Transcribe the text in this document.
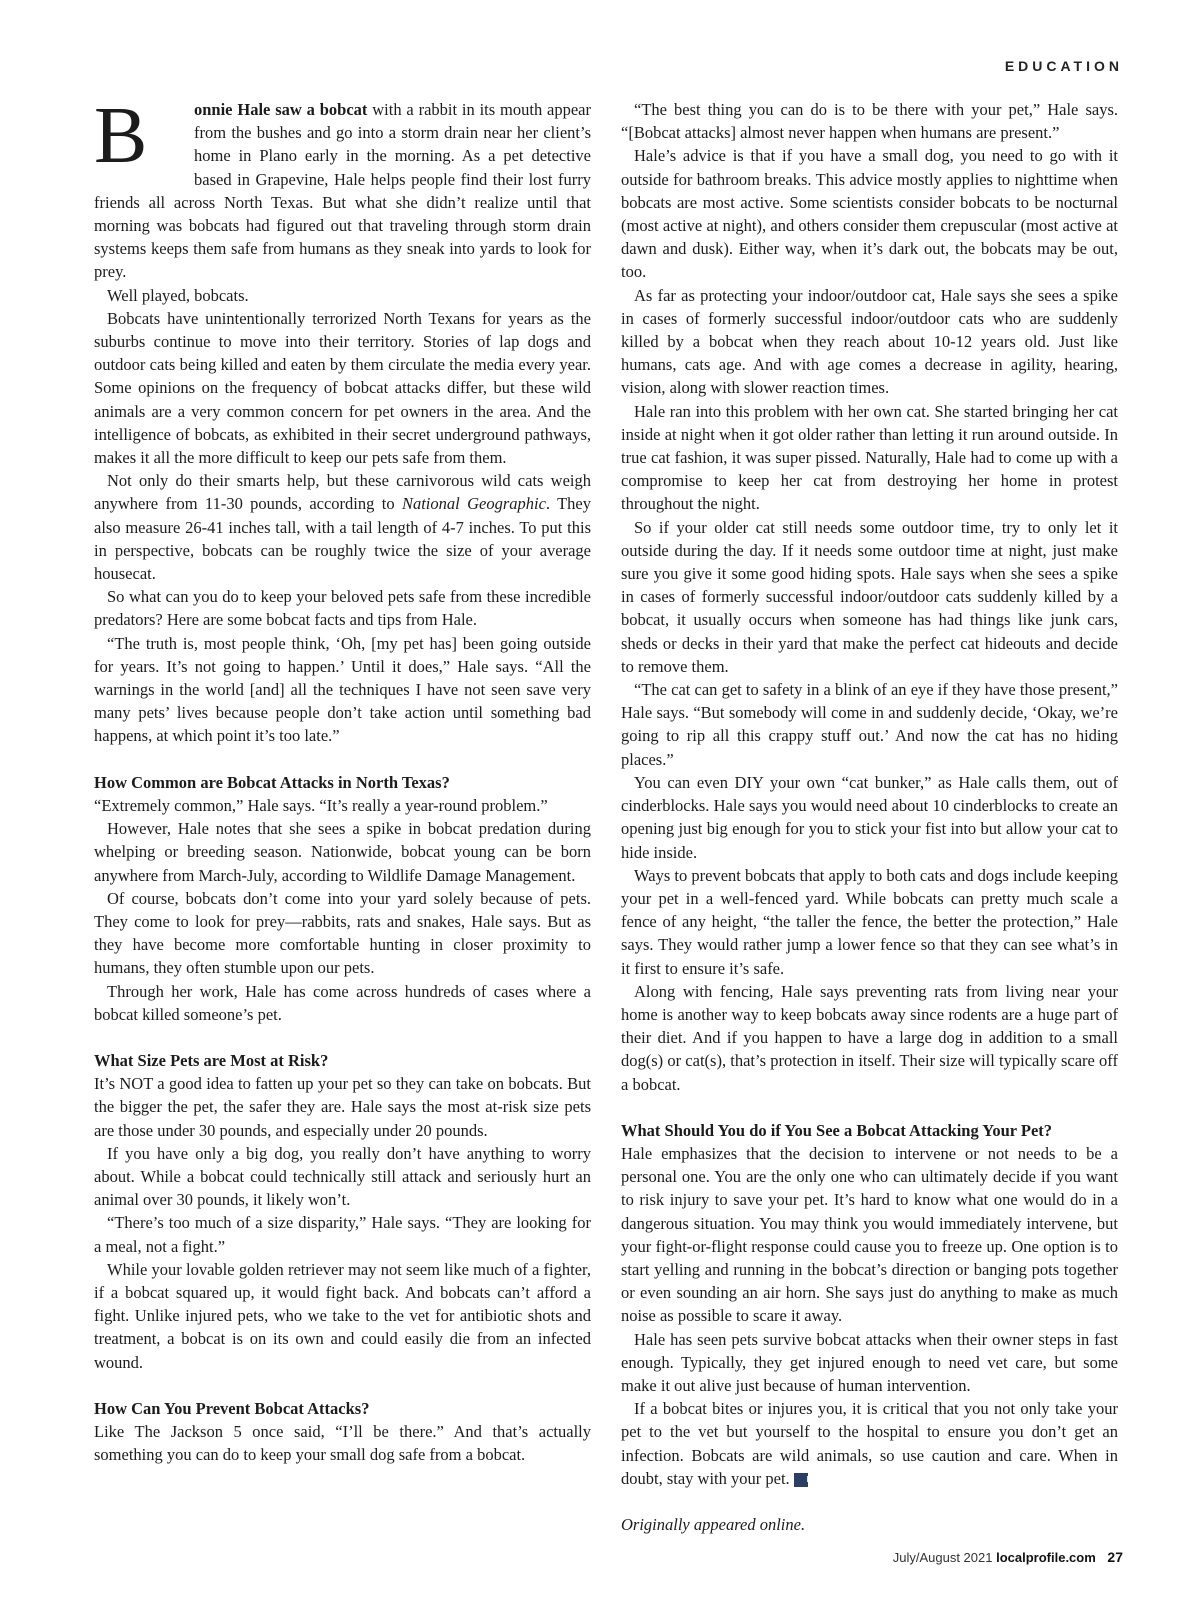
EDUCATION

B	onnie Hale saw a bobcat with a rabbit in its mouth appear from the bushes and go into a storm drain near her client’s home in Plano early in the morning. As a pet detective based in Grapevine, Hale helps people find their lost furry friends all across North Texas. But what she didn’t realize until that morning was bobcats had figured out that traveling through storm drain systems keeps them safe from humans as they sneak into yards to look for prey.

Well played, bobcats.

Bobcats have unintentionally terrorized North Texans for years as the suburbs continue to move into their territory. Stories of lap dogs and outdoor cats being killed and eaten by them circulate the media every year. Some opinions on the frequency of bobcat attacks differ, but these wild animals are a very common concern for pet owners in the area. And the intelligence of bobcats, as exhibited in their secret underground pathways, makes it all the more difficult to keep our pets safe from them.

Not only do their smarts help, but these carnivorous wild cats weigh anywhere from 11-30 pounds, according to National Geographic. They also measure 26-41 inches tall, with a tail length of 4-7 inches. To put this in perspective, bobcats can be roughly twice the size of your average housecat.

So what can you do to keep your beloved pets safe from these incredible predators? Here are some bobcat facts and tips from Hale.

“The truth is, most people think, ‘Oh, [my pet has] been going outside for years. It’s not going to happen.’ Until it does,” Hale says. “All the warnings in the world [and] all the techniques I have not seen save very many pets’ lives because people don’t take action until something bad happens, at which point it’s too late.”

How Common are Bobcat Attacks in North Texas?

“Extremely common,” Hale says. “It’s really a year-round problem.”

However, Hale notes that she sees a spike in bobcat predation during whelping or breeding season. Nationwide, bobcat young can be born anywhere from March-July, according to Wildlife Damage Management.

Of course, bobcats don’t come into your yard solely because of pets. They come to look for prey—rabbits, rats and snakes, Hale says. But as they have become more comfortable hunting in closer proximity to humans, they often stumble upon our pets.

Through her work, Hale has come across hundreds of cases where a bobcat killed someone’s pet.

What Size Pets are Most at Risk?

It’s NOT a good idea to fatten up your pet so they can take on bobcats. But the bigger the pet, the safer they are. Hale says the most at-risk size pets are those under 30 pounds, and especially under 20 pounds.

If you have only a big dog, you really don’t have anything to worry about. While a bobcat could technically still attack and seriously hurt an animal over 30 pounds, it likely won’t.

“There’s too much of a size disparity,” Hale says. “They are looking for a meal, not a fight.”

While your lovable golden retriever may not seem like much of a fighter, if a bobcat squared up, it would fight back. And bobcats can’t afford a fight. Unlike injured pets, who we take to the vet for antibiotic shots and treatment, a bobcat is on its own and could easily die from an infected wound.

How Can You Prevent Bobcat Attacks?

Like The Jackson 5 once said, “I’ll be there.” And that’s actually something you can do to keep your small dog safe from a bobcat.

“The best thing you can do is to be there with your pet,” Hale says. “[Bobcat attacks] almost never happen when humans are present.”

Hale’s advice is that if you have a small dog, you need to go with it outside for bathroom breaks. This advice mostly applies to nighttime when bobcats are most active. Some scientists consider bobcats to be nocturnal (most active at night), and others consider them crepuscular (most active at dawn and dusk). Either way, when it’s dark out, the bobcats may be out, too.

As far as protecting your indoor/outdoor cat, Hale says she sees a spike in cases of formerly successful indoor/outdoor cats who are suddenly killed by a bobcat when they reach about 10-12 years old. Just like humans, cats age. And with age comes a decrease in agility, hearing, vision, along with slower reaction times.

Hale ran into this problem with her own cat. She started bringing her cat inside at night when it got older rather than letting it run around outside. In true cat fashion, it was super pissed. Naturally, Hale had to come up with a compromise to keep her cat from destroying her home in protest throughout the night.

So if your older cat still needs some outdoor time, try to only let it outside during the day. If it needs some outdoor time at night, just make sure you give it some good hiding spots. Hale says when she sees a spike in cases of formerly successful indoor/outdoor cats suddenly killed by a bobcat, it usually occurs when someone has had things like junk cars, sheds or decks in their yard that make the perfect cat hideouts and decide to remove them.

“The cat can get to safety in a blink of an eye if they have those present,” Hale says. “But somebody will come in and suddenly decide, ‘Okay, we’re going to rip all this crappy stuff out.’ And now the cat has no hiding places.”

You can even DIY your own “cat bunker,” as Hale calls them, out of cinderblocks. Hale says you would need about 10 cinderblocks to create an opening just big enough for you to stick your fist into but allow your cat to hide inside.

Ways to prevent bobcats that apply to both cats and dogs include keeping your pet in a well-fenced yard. While bobcats can pretty much scale a fence of any height, “the taller the fence, the better the protection,” Hale says. They would rather jump a lower fence so that they can see what’s in it first to ensure it’s safe.

Along with fencing, Hale says preventing rats from living near your home is another way to keep bobcats away since rodents are a huge part of their diet. And if you happen to have a large dog in addition to a small dog(s) or cat(s), that’s protection in itself. Their size will typically scare off a bobcat.

What Should You do if You See a Bobcat Attacking Your Pet?

Hale emphasizes that the decision to intervene or not needs to be a personal one. You are the only one who can ultimately decide if you want to risk injury to save your pet. It’s hard to know what one would do in a dangerous situation. You may think you would immediately intervene, but your fight-or-flight response could cause you to freeze up. One option is to start yelling and running in the bobcat’s direction or banging pots together or even sounding an air horn. She says just do anything to make as much noise as possible to scare it away.

Hale has seen pets survive bobcat attacks when their owner steps in fast enough. Typically, they get injured enough to need vet care, but some make it out alive just because of human intervention.

If a bobcat bites or injures you, it is critical that you not only take your pet to the vet but yourself to the hospital to ensure you don’t get an infection. Bobcats are wild animals, so use caution and care. When in doubt, stay with your pet. LP

Originally appeared online.

July/August 2021 localprofile.com 27
